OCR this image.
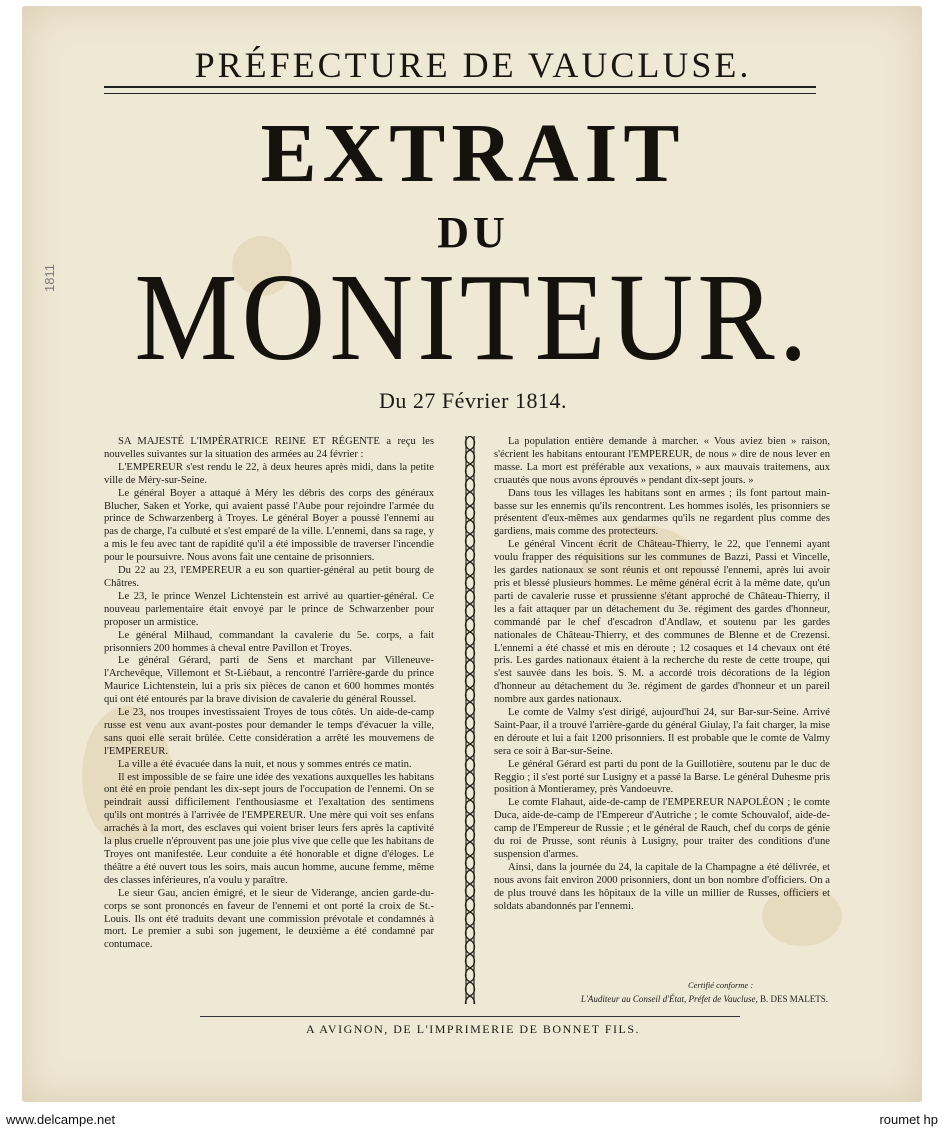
1811
PRÉFECTURE DE VAUCLUSE.
EXTRAIT
DU
MONITEUR.
Du 27 Février 1814.

SA MAJESTÉ L'IMPÉRATRICE REINE ET RÉGENTE a reçu les nouvelles suivantes sur la situation des armées au 24 février :

L'EMPEREUR s'est rendu le 22, à deux heures après midi, dans la petite ville de Méry-sur-Seine.

Le général Boyer a attaqué à Méry les débris des corps des généraux Blucher, Saken et Yorke, qui avaient passé l'Aube pour rejoindre l'armée du prince de Schwarzenberg à Troyes. Le général Boyer a poussé l'ennemi au pas de charge, l'a culbuté et s'est emparé de la ville. L'ennemi, dans sa rage, y a mis le feu avec tant de rapidité qu'il a été impossible de traverser l'incendie pour le poursuivre. Nous avons fait une centaine de prisonniers.

Du 22 au 23, l'EMPEREUR a eu son quartier-général au petit bourg de Châtres.

Le 23, le prince Wenzel Lichtenstein est arrivé au quartier-général. Ce nouveau parlementaire était envoyé par le prince de Schwarzenber pour proposer un armistice.

Le général Milhaud, commandant la cavalerie du 5e. corps, a fait prisonniers 200 hommes à cheval entre Pavillon et Troyes.

Le général Gérard, parti de Sens et marchant par Villeneuve-l'Archevêque, Villemont et St-Liébaut, a rencontré l'arrière-garde du prince Maurice Lichtenstein, lui a pris six pièces de canon et 600 hommes montés qui ont été entourés par la brave division de cavalerie du général Roussel.

Le 23, nos troupes investissaient Troyes de tous côtés. Un aide-de-camp russe est venu aux avant-postes pour demander le temps d'évacuer la ville, sans quoi elle serait brûlée. Cette considération a arrêté les mouvemens de l'EMPEREUR.

La ville a été évacuée dans la nuit, et nous y sommes entrés ce matin.

Il est impossible de se faire une idée des vexations auxquelles les habitans ont été en proie pendant les dix-sept jours de l'occupation de l'ennemi. On se peindrait aussi difficilement l'enthousiasme et l'exaltation des sentimens qu'ils ont montrés à l'arrivée de l'EMPEREUR. Une mère qui voit ses enfans arrachés à la mort, des esclaves qui voient briser leurs fers après la captivité la plus cruelle n'éprouvent pas une joie plus vive que celle que les habitans de Troyes ont manifestée. Leur conduite a été honorable et digne d'éloges. Le théâtre a été ouvert tous les soirs, mais aucun homme, aucune femme, même des classes inférieures, n'a voulu y paraître.

Le sieur Gau, ancien émigré, et le sieur de Viderange, ancien garde-du-corps se sont prononcés en faveur de l'ennemi et ont porté la croix de St.-Louis. Ils ont été traduits devant une commission prévotale et condamnés à mort. Le premier a subi son jugement, le deuxième a été condamné par contumace.

La population entière demande à marcher. « Vous aviez bien » raison, s'écrient les habitans entourant l'EMPEREUR, de nous » dire de nous lever en masse. La mort est préférable aux vexations, » aux mauvais traitemens, aux cruautés que nous avons éprouvés » pendant dix-sept jours. »

Dans tous les villages les habitans sont en armes ; ils font partout main-basse sur les ennemis qu'ils rencontrent. Les hommes isolés, les prisonniers se présentent d'eux-mêmes aux gendarmes qu'ils ne regardent plus comme des gardiens, mais comme des protecteurs.

Le général Vincent écrit de Château-Thierry, le 22, que l'ennemi ayant voulu frapper des réquisitions sur les communes de Bazzi, Passi et Vincelle, les gardes nationaux se sont réunis et ont repoussé l'ennemi, après lui avoir pris et blessé plusieurs hommes. Le même général écrit à la même date, qu'un parti de cavalerie russe et prussienne s'étant approché de Château-Thierry, il les a fait attaquer par un détachement du 3e. régiment des gardes d'honneur, commandé par le chef d'escadron d'Andlaw, et soutenu par les gardes nationales de Château-Thierry, et des communes de Blenne et de Crezensi. L'ennemi a été chassé et mis en déroute ; 12 cosaques et 14 chevaux ont été pris. Les gardes nationaux étaient à la recherche du reste de cette troupe, qui s'est sauvée dans les bois. S. M. a accordé trois décorations de la légion d'honneur au détachement du 3e. régiment de gardes d'honneur et un pareil nombre aux gardes nationaux.

Le comte de Valmy s'est dirigé, aujourd'hui 24, sur Bar-sur-Seine. Arrivé Saint-Paar, il a trouvé l'arrière-garde du général Giulay, l'a fait charger, la mise en déroute et lui a fait 1200 prisonniers. Il est probable que le comte de Valmy sera ce soir à Bar-sur-Seine.

Le général Gérard est parti du pont de la Guillotière, soutenu par le duc de Reggio ; il s'est porté sur Lusigny et a passé la Barse. Le général Duhesme pris position à Montieramey, près Vandoeuvre.

Le comte Flahaut, aide-de-camp de l'EMPEREUR NAPOLÉON ; le comte Duca, aide-de-camp de l'Empereur d'Autriche ; le comte Schouvalof, aide-de-camp de l'Empereur de Russie ; et le général de Rauch, chef du corps de génie du roi de Prusse, sont réunis à Lusigny, pour traiter des conditions d'une suspension d'armes.

Ainsi, dans la journée du 24, la capitale de la Champagne a été délivrée, et nous avons fait environ 2000 prisonniers, dont un bon nombre d'officiers. On a de plus trouvé dans les hôpitaux de la ville un millier de Russes, officiers et soldats abandonnés par l'ennemi.

Certifié conforme :
L'Auditeur au Conseil d'État, Préfet de Vaucluse, B. DES MALETS.
A AVIGNON, DE L'IMPRIMERIE DE BONNET FILS.
www.delcampe.net	roumet hp
